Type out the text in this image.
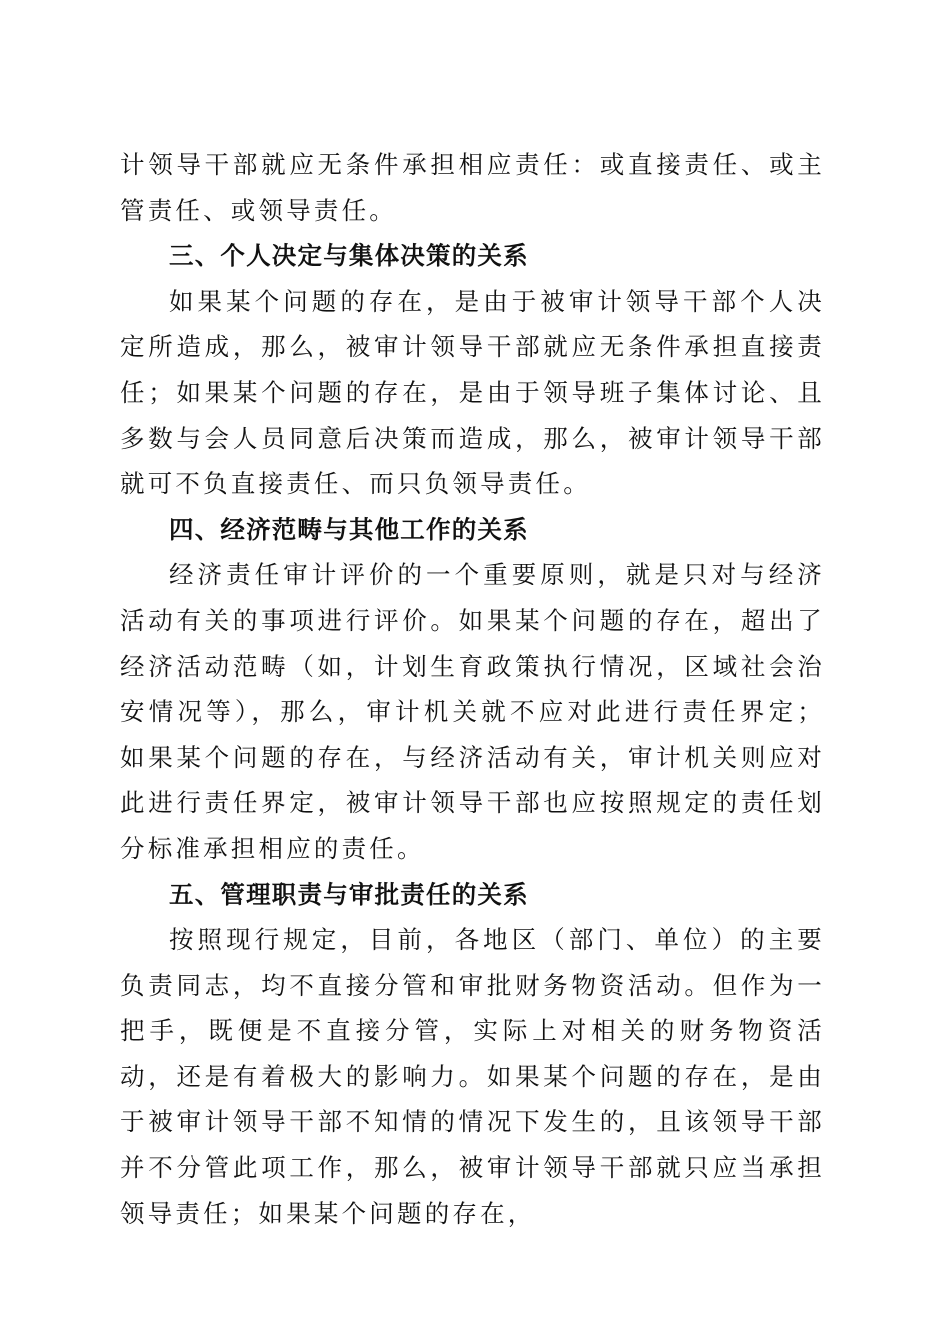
计领导干部就应无条件承担相应责任：或直接责任、或主管责任、或领导责任。

三、个人决定与集体决策的关系

如果某个问题的存在，是由于被审计领导干部个人决定所造成，那么，被审计领导干部就应无条件承担直接责任；如果某个问题的存在，是由于领导班子集体讨论、且多数与会人员同意后决策而造成，那么，被审计领导干部就可不负直接责任、而只负领导责任。

四、经济范畴与其他工作的关系

经济责任审计评价的一个重要原则，就是只对与经济活动有关的事项进行评价。如果某个问题的存在，超出了经济活动范畴（如，计划生育政策执行情况，区域社会治安情况等），那么，审计机关就不应对此进行责任界定；如果某个问题的存在，与经济活动有关，审计机关则应对此进行责任界定，被审计领导干部也应按照规定的责任划分标准承担相应的责任。

五、管理职责与审批责任的关系

按照现行规定，目前，各地区（部门、单位）的主要负责同志，均不直接分管和审批财务物资活动。但作为一把手，既便是不直接分管，实际上对相关的财务物资活动，还是有着极大的影响力。如果某个问题的存在，是由于被审计领导干部不知情的情况下发生的，且该领导干部并不分管此项工作，那么，被审计领导干部就只应当承担领导责任；如果某个问题的存在，
